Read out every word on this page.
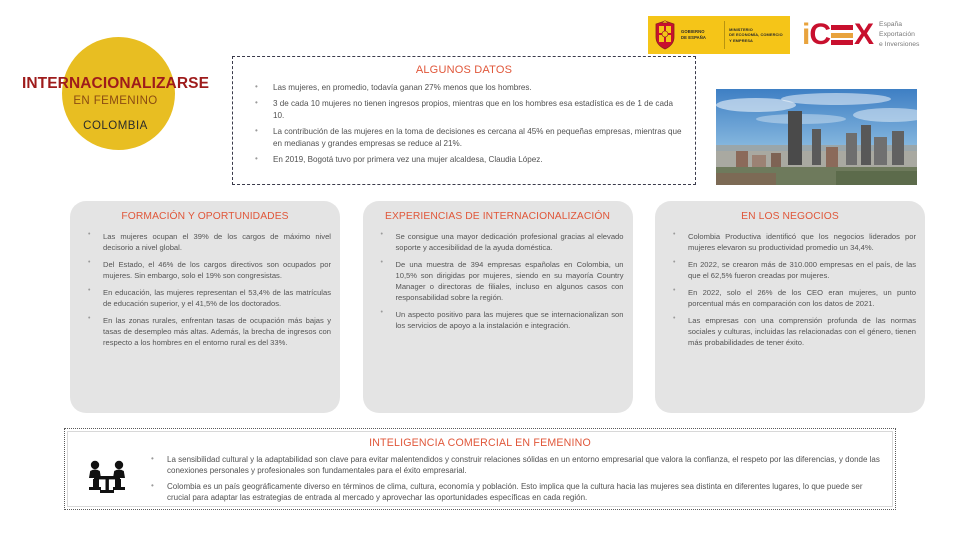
GOBIERNO
DE ESPAÑA
MINISTERIO
DE ECONOMÍA, COMERCIO
Y EMPRESA	i C X España
Exportación
e Inversiones
INTERNACIONALIZARSE
EN FEMENINO
COLOMBIA
ALGUNOS DATOS
• Las mujeres, en promedio, todavía ganan 27% menos que los hombres.
• 3 de cada 10 mujeres no tienen ingresos propios, mientras que en los hombres esa estadística es de 1 de cada 10.
• La contribución de las mujeres en la toma de decisiones es cercana al 45% en pequeñas empresas, mientras que en medianas y grandes empresas se reduce al 21%.
• En 2019, Bogotá tuvo por primera vez una mujer alcaldesa, Claudia López.
FORMACIÓN Y OPORTUNIDADES
• Las mujeres ocupan el 39% de los cargos de máximo nivel decisorio a nivel global.
• Del Estado, el 46% de los cargos directivos son ocupados por mujeres. Sin embargo, solo el 19% son congresistas.
• En educación, las mujeres representan el 53,4% de las matrículas de educación superior, y el 41,5% de los doctorados.
• En las zonas rurales, enfrentan tasas de ocupación más bajas y tasas de desempleo más altas. Además, la brecha de ingresos con respecto a los hombres en el entorno rural es del 33%.
EXPERIENCIAS DE INTERNACIONALIZACIÓN
• Se consigue una mayor dedicación profesional gracias al elevado soporte y accesibilidad de la ayuda doméstica.
• De una muestra de 394 empresas españolas en Colombia, un 10,5% son dirigidas por mujeres, siendo en su mayoría Country Manager o directoras de filiales, incluso en algunos casos con responsabilidad sobre la región.
• Un aspecto positivo para las mujeres que se internacionalizan son los servicios de apoyo a la instalación e integración.
EN LOS NEGOCIOS
• Colombia Productiva identificó que los negocios liderados por mujeres elevaron su productividad promedio un 34,4%.
• En 2022, se crearon más de 310.000 empresas en el país, de las que el 62,5% fueron creadas por mujeres.
• En 2022, solo el 26% de los CEO eran mujeres, un punto porcentual más en comparación con los datos de 2021.
• Las empresas con una comprensión profunda de las normas sociales y culturas, incluidas las relacionadas con el género, tienen más probabilidades de tener éxito.
INTELIGENCIA COMERCIAL EN FEMENINO
• La sensibilidad cultural y la adaptabilidad son clave para evitar malentendidos y construir relaciones sólidas en un entorno empresarial que valora la confianza, el respeto por las diferencias, y donde las conexiones personales y profesionales son fundamentales para el éxito empresarial.
• Colombia es un país geográficamente diverso en términos de clima, cultura, economía y población. Esto implica que la cultura hacia las mujeres sea distinta en diferentes lugares, lo que puede ser crucial para adaptar las estrategias de entrada al mercado y aprovechar las oportunidades específicas en cada región.
